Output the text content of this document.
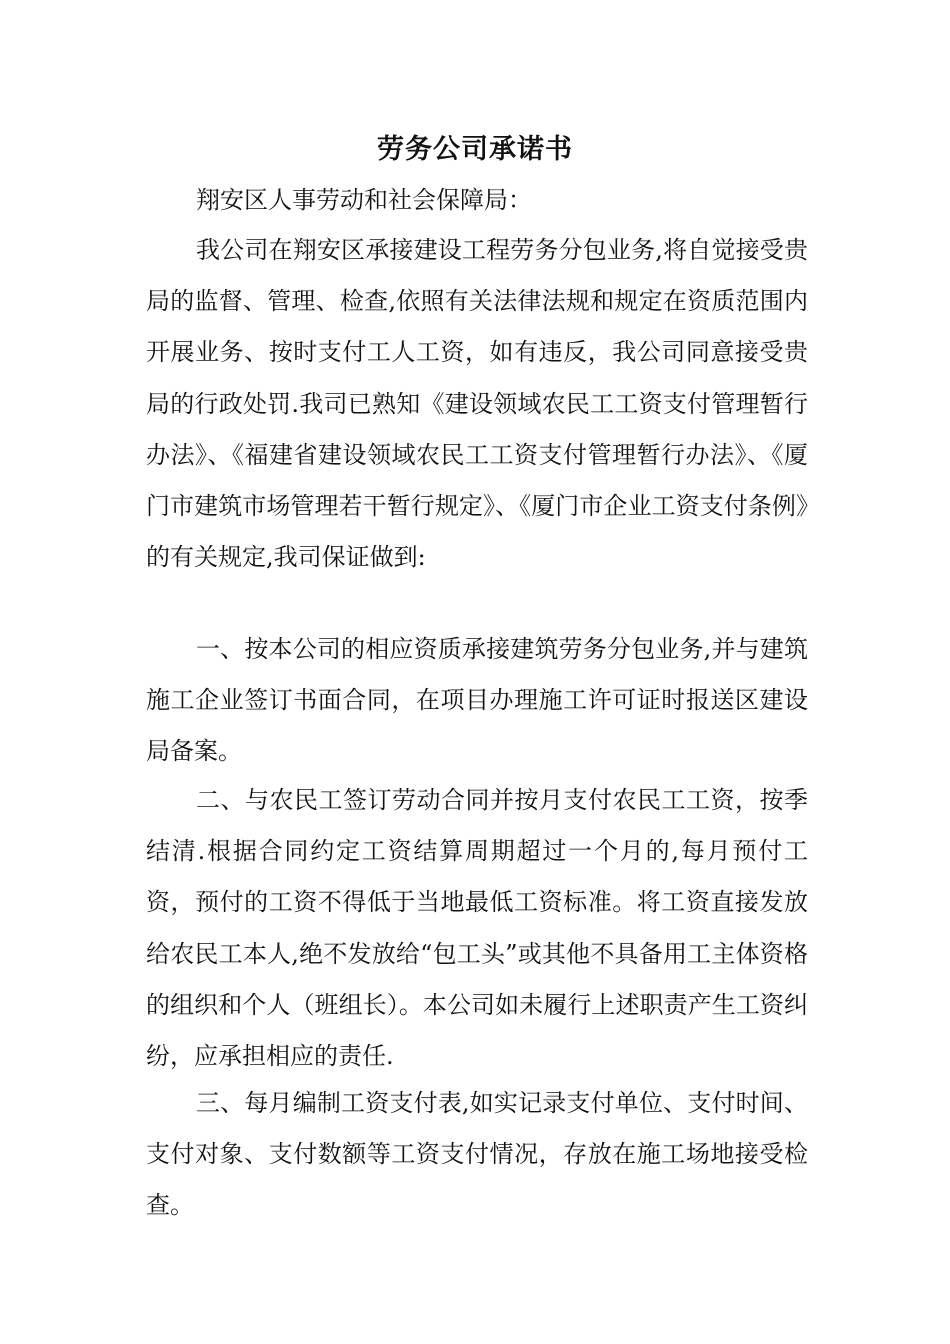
劳务公司承诺书
翔安区人事劳动和社会保障局：

我公司在翔安区承接建设工程劳务分包业务,将自觉接受贵局的监督、管理、检查,依照有关法律法规和规定在资质范围内开展业务、按时支付工人工资，如有违反，我公司同意接受贵局的行政处罚.我司已熟知《建设领域农民工工资支付管理暂行办法》、《福建省建设领域农民工工资支付管理暂行办法》、《厦门市建筑市场管理若干暂行规定》、《厦门市企业工资支付条例》的有关规定,我司保证做到:

一、按本公司的相应资质承接建筑劳务分包业务,并与建筑施工企业签订书面合同，在项目办理施工许可证时报送区建设局备案。

二、与农民工签订劳动合同并按月支付农民工工资，按季结清.根据合同约定工资结算周期超过一个月的,每月预付工资，预付的工资不得低于当地最低工资标准。将工资直接发放给农民工本人,绝不发放给“包工头”或其他不具备用工主体资格的组织和个人（班组长）。本公司如未履行上述职责产生工资纠纷，应承担相应的责任.

三、每月编制工资支付表,如实记录支付单位、支付时间、支付对象、支付数额等工资支付情况，存放在施工场地接受检查。
